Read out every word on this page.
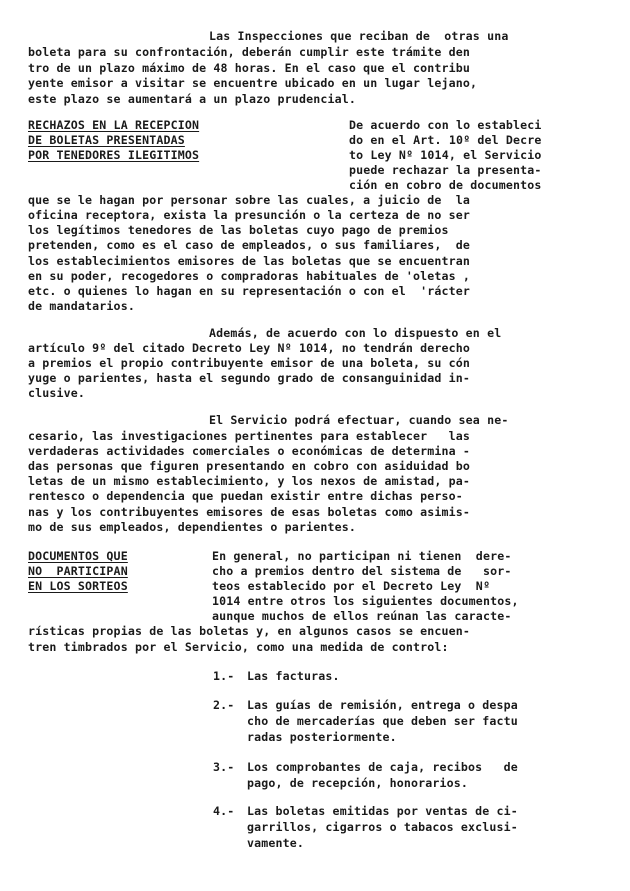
Las Inspecciones que reciban de  otras una
boleta para su confrontación, deberán cumplir este trámite den
tro de un plazo máximo de 48 horas. En el caso que el contribu
yente emisor a visitar se encuentre ubicado en un lugar lejano,
este plazo se aumentará a un plazo prudencial.
RECHAZOS EN LA RECEPCION
DE BOLETAS PRESENTADAS
POR TENEDORES ILEGITIMOS
De acuerdo con lo estableci
do en el Art. 10º del Decre
to Ley Nº 1014, el Servicio
puede rechazar la presenta-
ción en cobro de documentos
que se le hagan por personar sobre las cuales, a juicio de  la
oficina receptora, exista la presunción o la certeza de no ser
los legítimos tenedores de las boletas cuyo pago de premios
pretenden, como es el caso de empleados, o sus familiares,  de
los establecimientos emisores de las boletas que se encuentran
en su poder, recogedores o compradoras habituales de 'oletas ,
etc. o quienes lo hagan en su representación o con el  'rácter
de mandatarios.
Además, de acuerdo con lo dispuesto en el
artículo 9º del citado Decreto Ley Nº 1014, no tendrán derecho
a premios el propio contribuyente emisor de una boleta, su cón
yuge o parientes, hasta el segundo grado de consanguinidad in-
clusive.
El Servicio podrá efectuar, cuando sea ne-
cesario, las investigaciones pertinentes para establecer   las
verdaderas actividades comerciales o económicas de determina -
das personas que figuren presentando en cobro con asiduidad bo
letas de un mismo establecimiento, y los nexos de amistad, pa-
rentesco o dependencia que puedan existir entre dichas perso-
nas y los contribuyentes emisores de esas boletas como asimis-
mo de sus empleados, dependientes o parientes.
DOCUMENTOS QUE
NO  PARTICIPAN
EN LOS SORTEOS
En general, no participan ni tienen  dere-
cho a premios dentro del sistema de   sor-
teos establecido por el Decreto Ley  Nº
1014 entre otros los siguientes documentos,
aunque muchos de ellos reúnan las caracte-
rísticas propias de las boletas y, en algunos casos se encuen-
tren timbrados por el Servicio, como una medida de control:
1.- Las facturas.
2.- Las guías de remisión, entrega o despa
cho de mercaderías que deben ser factu
radas posteriormente.
3.- Los comprobantes de caja, recibos   de
pago, de recepción, honorarios.
4.- Las boletas emitidas por ventas de ci-
garrillos, cigarros o tabacos exclusi-
vamente.
